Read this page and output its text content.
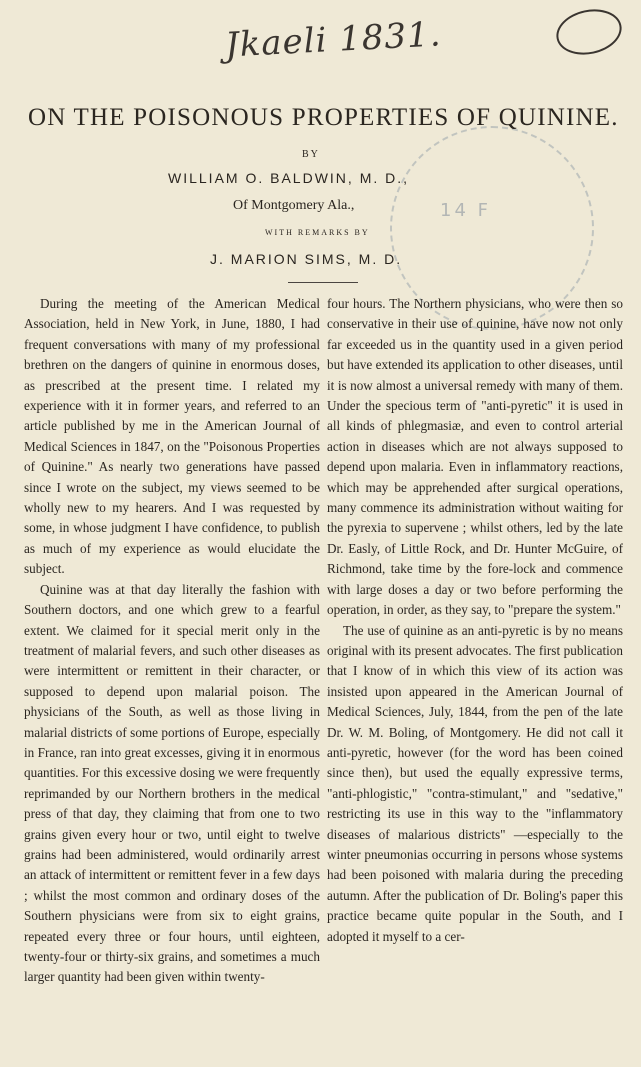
Jkaeli 1831.
14 F
ON THE POISONOUS PROPERTIES OF QUININE.
BY
WILLIAM O. BALDWIN, M. D.,
Of Montgomery Ala.,
WITH REMARKS BY
J. MARION SIMS, M. D.

During the meeting of the American Medical Association, held in New York, in June, 1880, I had frequent conversations with many of my professional brethren on the dangers of quinine in enormous doses, as prescribed at the present time. I related my experience with it in former years, and referred to an article published by me in the American Journal of Medical Sciences in 1847, on the "Poisonous Properties of Quinine." As nearly two generations have passed since I wrote on the subject, my views seemed to be wholly new to my hearers. And I was requested by some, in whose judgment I have confidence, to publish as much of my experience as would elucidate the subject.

Quinine was at that day literally the fashion with Southern doctors, and one which grew to a fearful extent. We claimed for it special merit only in the treatment of malarial fevers, and such other diseases as were intermittent or remittent in their character, or supposed to depend upon malarial poison. The physicians of the South, as well as those living in malarial districts of some portions of Europe, especially in France, ran into great excesses, giving it in enormous quantities. For this excessive dosing we were frequently reprimanded by our Northern brothers in the medical press of that day, they claiming that from one to two grains given every hour or two, until eight to twelve grains had been administered, would ordinarily arrest an attack of intermittent or remittent fever in a few days ; whilst the most common and ordinary doses of the Southern physicians were from six to eight grains, repeated every three or four hours, until eighteen, twenty-four or thirty-six grains, and sometimes a much larger quantity had been given within twenty-

four hours. The Northern physicians, who were then so conservative in their use of quinine, have now not only far exceeded us in the quantity used in a given period but have extended its application to other diseases, until it is now almost a universal remedy with many of them. Under the specious term of "anti-pyretic" it is used in all kinds of phlegmasiæ, and even to control arterial action in diseases which are not always supposed to depend upon malaria. Even in inflammatory reactions, which may be apprehended after surgical operations, many commence its administration without waiting for the pyrexia to supervene ; whilst others, led by the late Dr. Easly, of Little Rock, and Dr. Hunter McGuire, of Richmond, take time by the fore-lock and commence with large doses a day or two before performing the operation, in order, as they say, to "prepare the system."

The use of quinine as an anti-pyretic is by no means original with its present advocates. The first publication that I know of in which this view of its action was insisted upon appeared in the American Journal of Medical Sciences, July, 1844, from the pen of the late Dr. W. M. Boling, of Montgomery. He did not call it anti-pyretic, however (for the word has been coined since then), but used the equally expressive terms, "anti-phlogistic," "contra-stimulant," and "sedative," restricting its use in this way to the "inflammatory diseases of malarious districts" —especially to the winter pneumonias occurring in persons whose systems had been poisoned with malaria during the preceding autumn. After the publication of Dr. Boling's paper this practice became quite popular in the South, and I adopted it myself to a cer-
